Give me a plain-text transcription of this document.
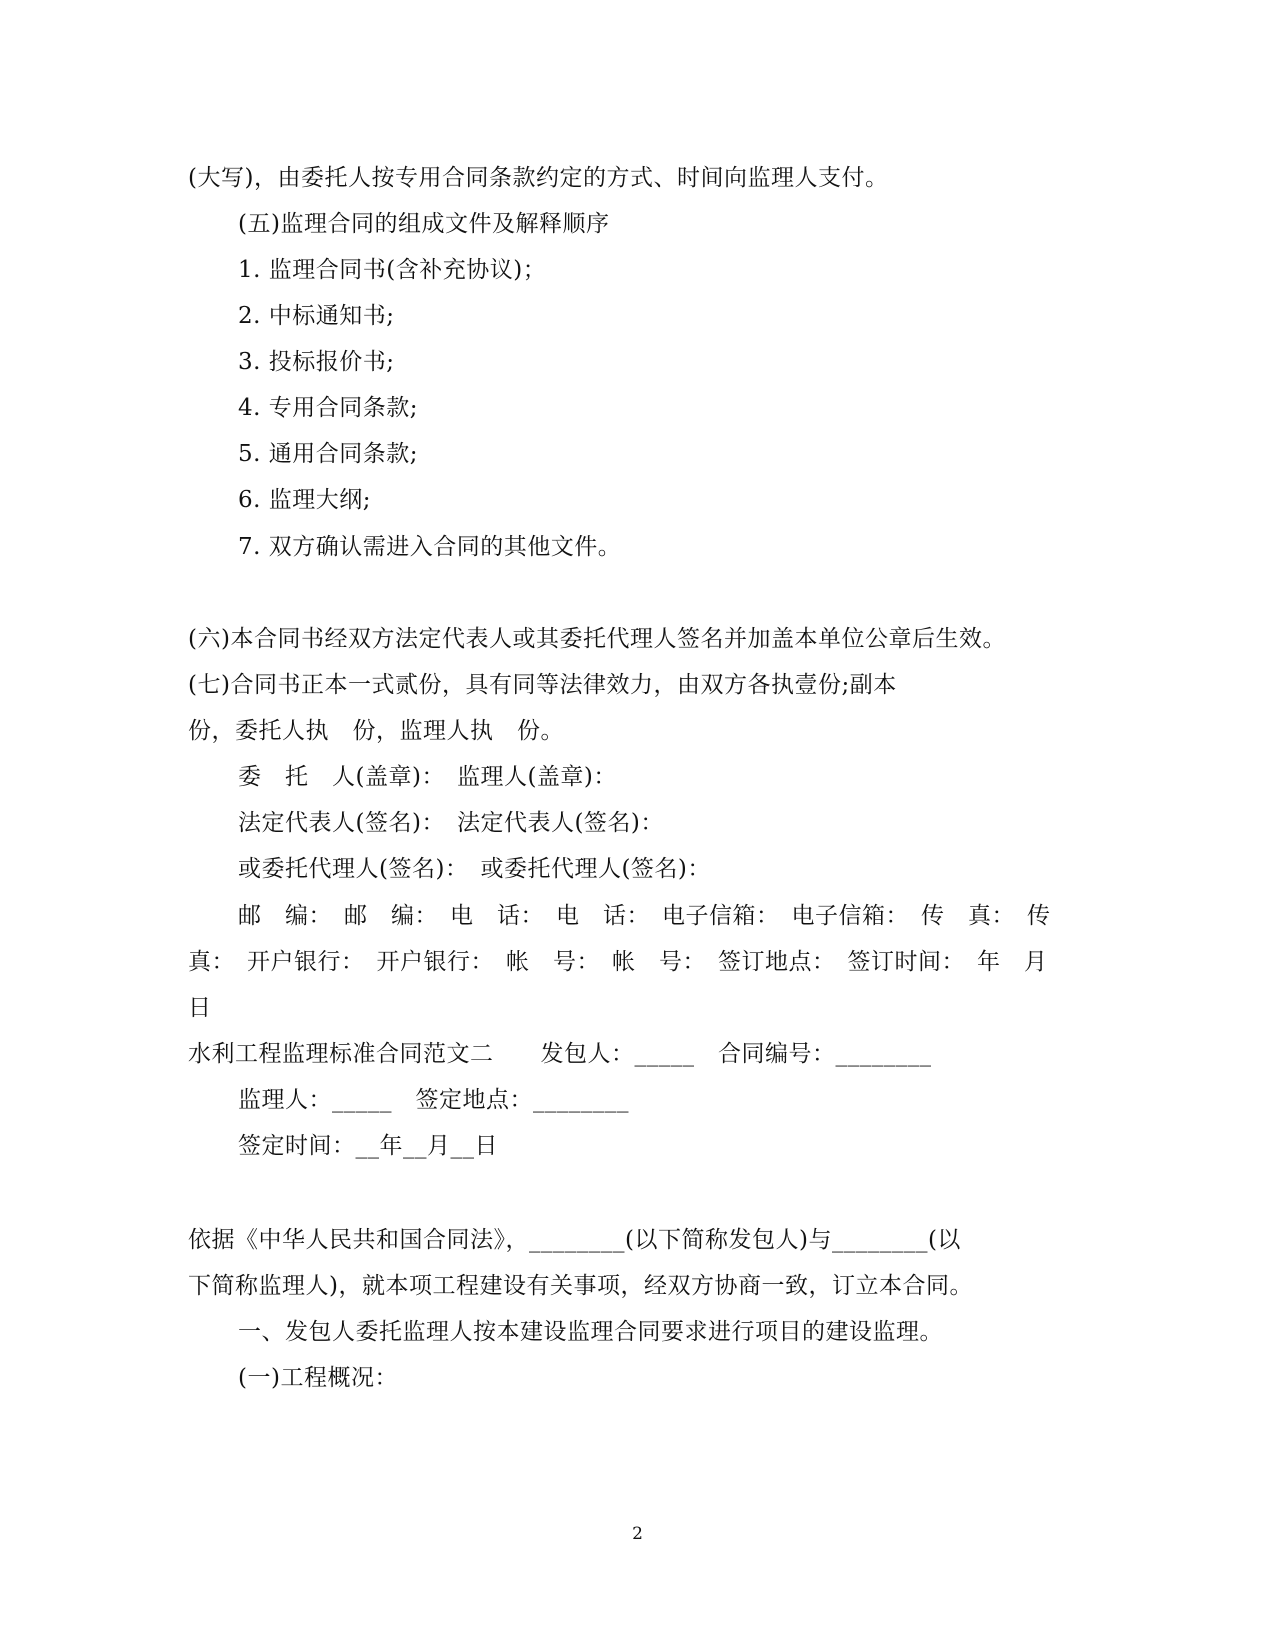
(大写)，由委托人按专用合同条款约定的方式、时间向监理人支付。
(五)监理合同的组成文件及解释顺序
1. 监理合同书(含补充协议)；
2. 中标通知书;
3. 投标报价书;
4. 专用合同条款;
5. 通用合同条款;
6. 监理大纲;
7. 双方确认需进入合同的其他文件。
(六)本合同书经双方法定代表人或其委托代理人签名并加盖本单位公章后生效。
(七)合同书正本一式贰份，具有同等法律效力，由双方各执壹份;副本
份，委托人执　份，监理人执　份。
委　托　人(盖章)：　监理人(盖章)：
法定代表人(签名)：　法定代表人(签名)：
或委托代理人(签名)：　或委托代理人(签名)：
邮　编：　邮　编：　电　话：　电　话：　电子信箱：　电子信箱：　传　真：　传
真：　开户银行：　开户银行：　帐　号：　帐　号：　签订地点：　签订时间：　年　月
日
水利工程监理标准合同范文二　　发包人：_____　合同编号：________
监理人：_____　签定地点：________
签定时间：__年__月__日
依据《中华人民共和国合同法》，________(以下简称发包人)与________(以
下简称监理人)，就本项工程建设有关事项，经双方协商一致，订立本合同。
一、发包人委托监理人按本建设监理合同要求进行项目的建设监理。
(一)工程概况：
2
